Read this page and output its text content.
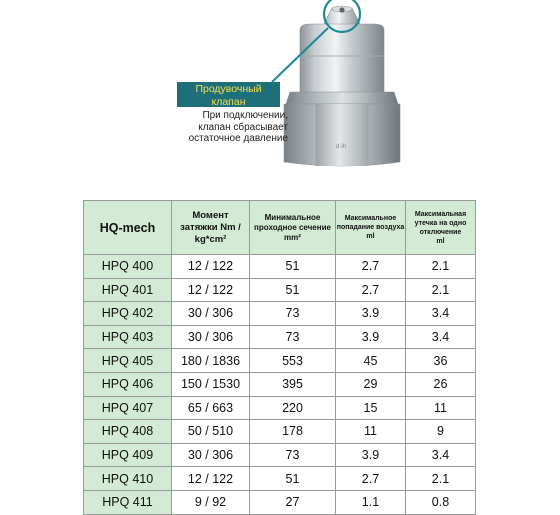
d·ih
Продувочный клапан
При подключении,
клапан сбрасывает
остаточное давление
HQ-mech	Момент
затяжки Nm /
kg*cm²	Минимальное
проходное сечение
mm²	Максимальное
попадание воздуха
ml	Максимальная
утечка на одно
отключение
ml

HPQ 400	12 / 122	51	2.7	2.1
HPQ 401	12 / 122	51	2.7	2.1
HPQ 402	30 / 306	73	3.9	3.4
HPQ 403	30 / 306	73	3.9	3.4
HPQ 405	180 / 1836	553	45	36
HPQ 406	150 / 1530	395	29	26
HPQ 407	65 / 663	220	15	11
HPQ 408	50 / 510	178	11	9
HPQ 409	30 / 306	73	3.9	3.4
HPQ 410	12 / 122	51	2.7	2.1
HPQ 411	9 / 92	27	1.1	0.8
